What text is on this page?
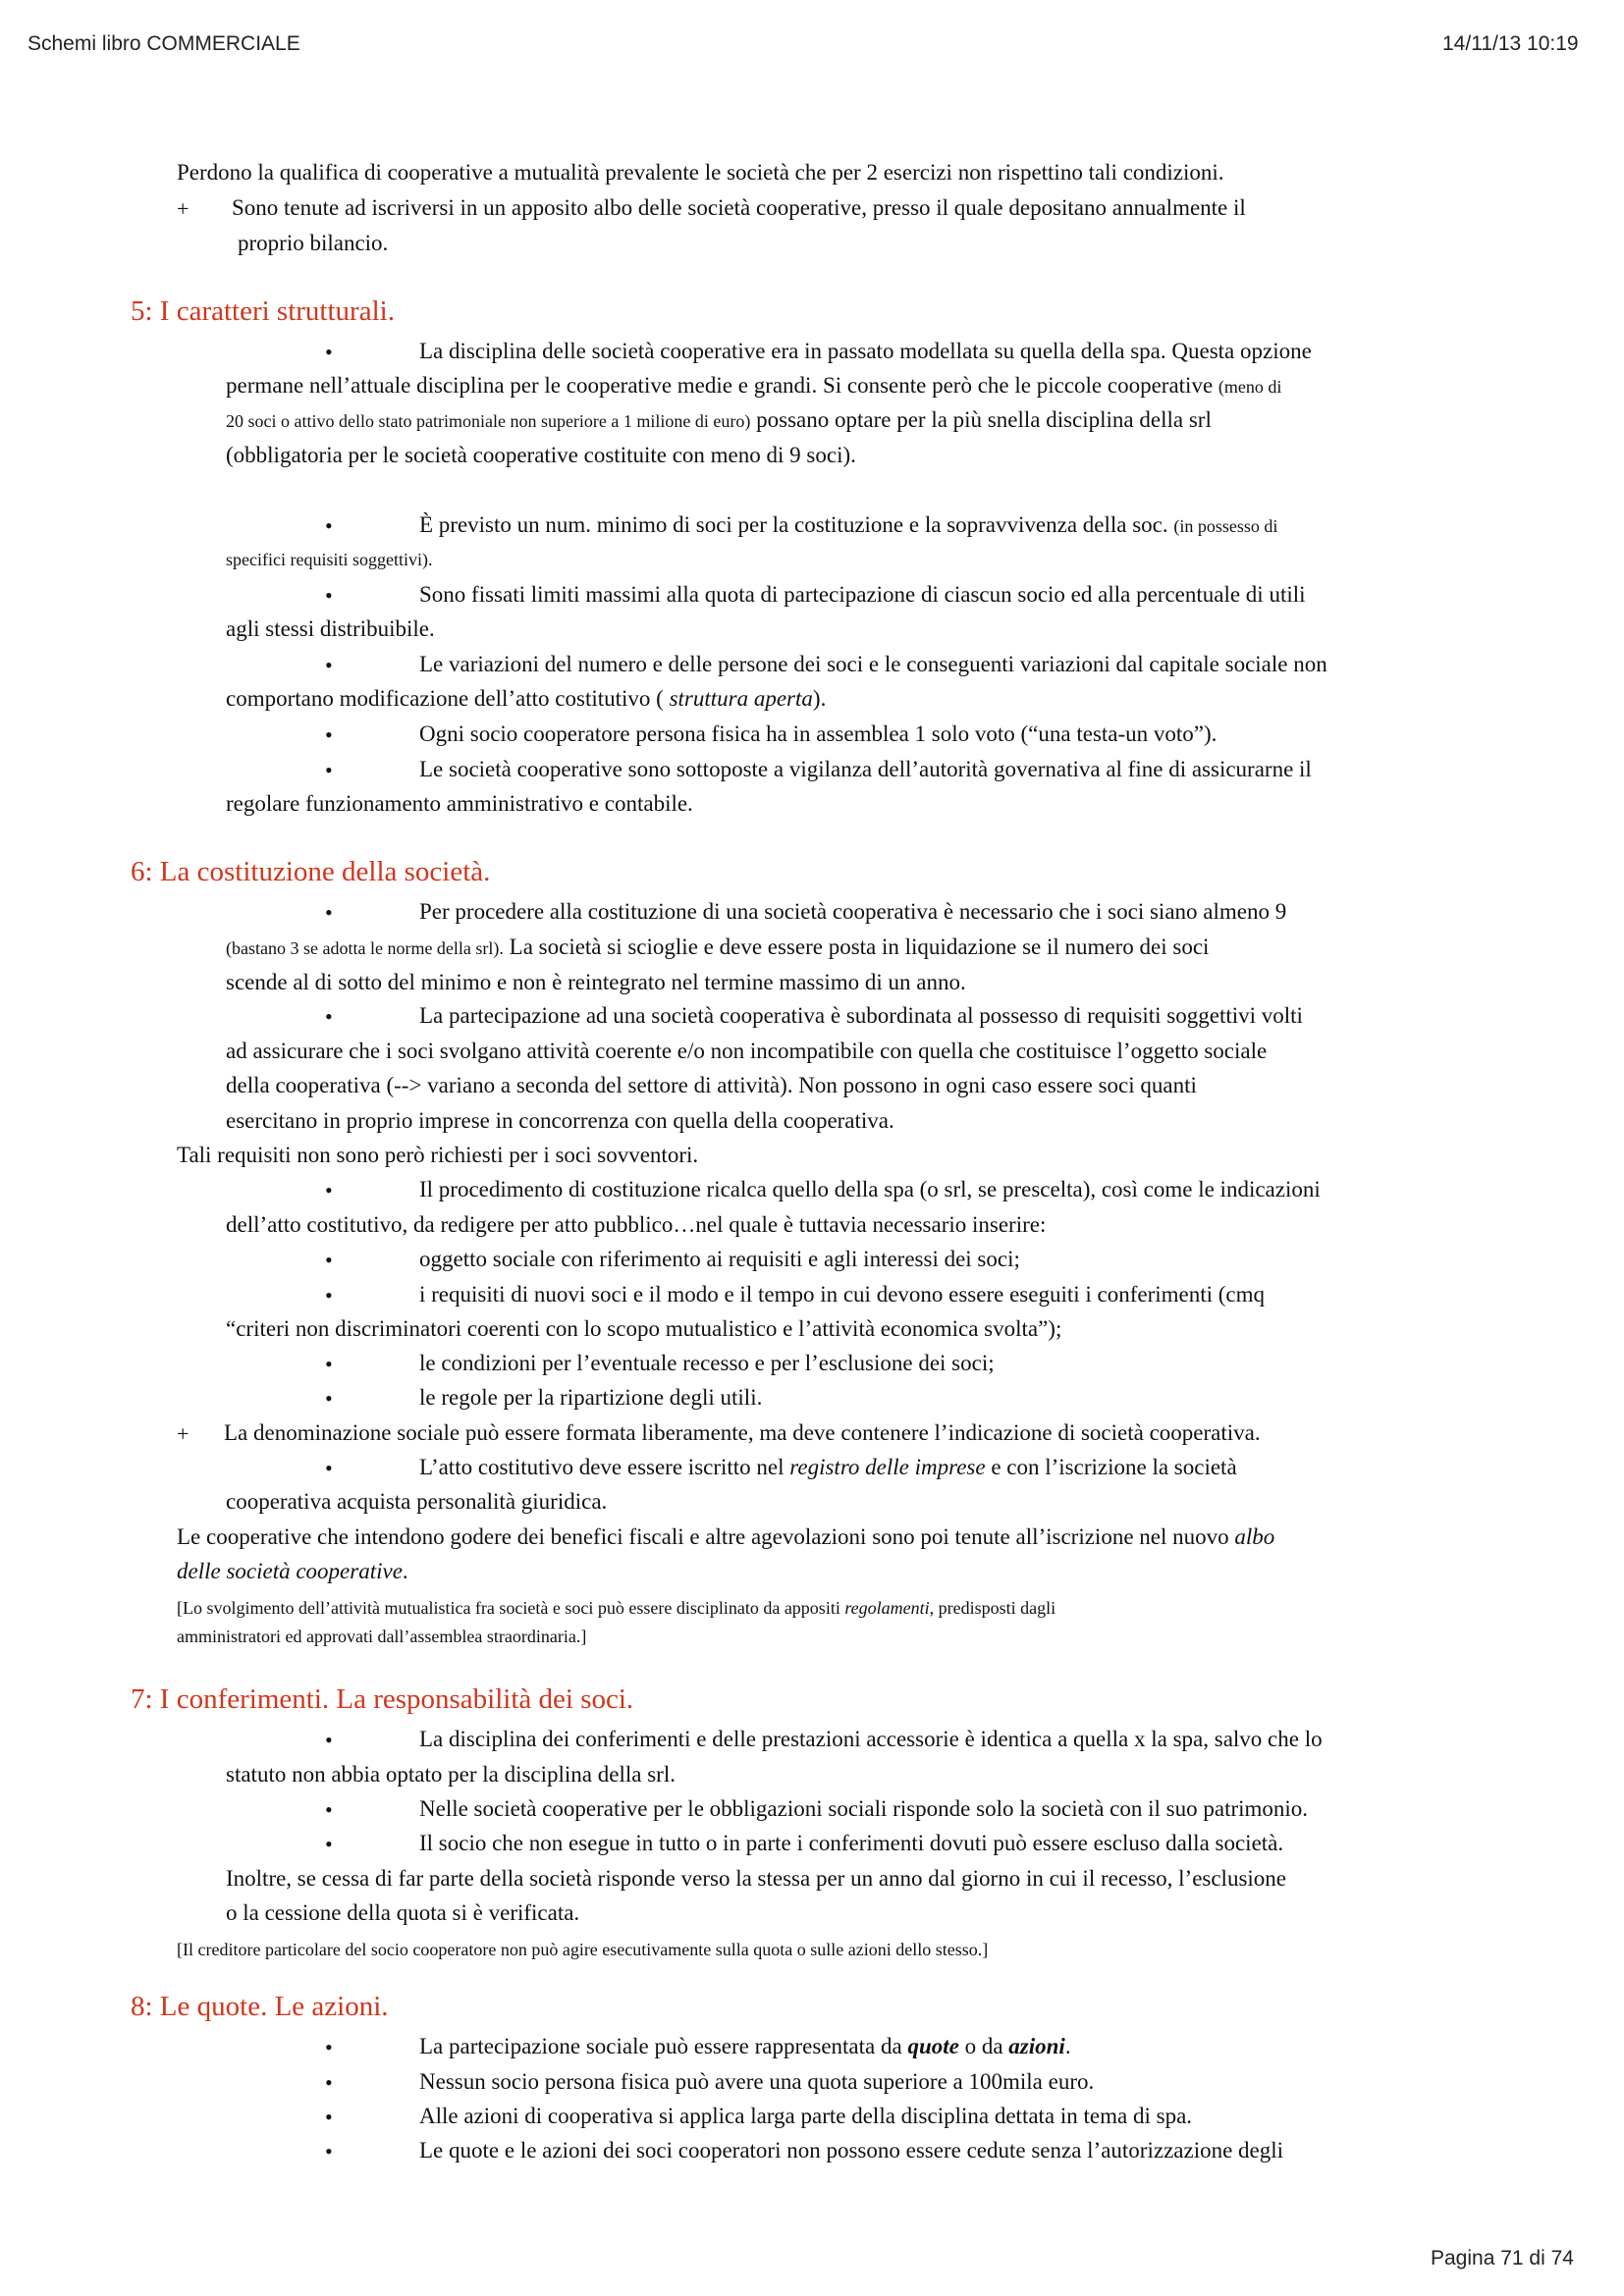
Schemi libro COMMERCIALE	14/11/13 10:19
Perdono la qualifica di cooperative a mutualità prevalente le società che per 2 esercizi non rispettino tali condizioni.
+ Sono tenute ad iscriversi in un apposito albo delle società cooperative, presso il quale depositano annualmente il
proprio bilancio.
5: I caratteri strutturali.
•	La disciplina delle società cooperative era in passato modellata su quella della spa. Questa opzione
permane nell’attuale disciplina per le cooperative medie e grandi. Si consente però che le piccole cooperative (meno di
20 soci o attivo dello stato patrimoniale non superiore a 1 milione di euro) possano optare per la più snella disciplina della srl
(obbligatoria per le società cooperative costituite con meno di 9 soci).
•	È previsto un num. minimo di soci per la costituzione e la sopravvivenza della soc. (in possesso di
specifici requisiti soggettivi).
•	Sono fissati limiti massimi alla quota di partecipazione di ciascun socio ed alla percentuale di utili
agli stessi distribuibile.
•	Le variazioni del numero e delle persone dei soci e le conseguenti variazioni dal capitale sociale non
comportano modificazione dell’atto costitutivo ( struttura aperta).
•	Ogni socio cooperatore persona fisica ha in assemblea 1 solo voto (“una testa-un voto”).
•	Le società cooperative sono sottoposte a vigilanza dell’autorità governativa al fine di assicurarne il
regolare funzionamento amministrativo e contabile.
6: La costituzione della società.
•	Per procedere alla costituzione di una società cooperativa è necessario che i soci siano almeno 9
(bastano 3 se adotta le norme della srl). La società si scioglie e deve essere posta in liquidazione se il numero dei soci
scende al di sotto del minimo e non è reintegrato nel termine massimo di un anno.
•	La partecipazione ad una società cooperativa è subordinata al possesso di requisiti soggettivi volti
ad assicurare che i soci svolgano attività coerente e/o non incompatibile con quella che costituisce l’oggetto sociale
della cooperativa (--> variano a seconda del settore di attività). Non possono in ogni caso essere soci quanti
esercitano in proprio imprese in concorrenza con quella della cooperativa.
Tali requisiti non sono però richiesti per i soci sovventori.
•	Il procedimento di costituzione ricalca quello della spa (o srl, se prescelta), così come le indicazioni
dell’atto costitutivo, da redigere per atto pubblico…nel quale è tuttavia necessario inserire:
•	oggetto sociale con riferimento ai requisiti e agli interessi dei soci;
•	i requisiti di nuovi soci e il modo e il tempo in cui devono essere eseguiti i conferimenti (cmq
“criteri non discriminatori coerenti con lo scopo mutualistico e l’attività economica svolta”);
•	le condizioni per l’eventuale recesso e per l’esclusione dei soci;
•	le regole per la ripartizione degli utili.
+ La denominazione sociale può essere formata liberamente, ma deve contenere l’indicazione di società cooperativa.
•	L’atto costitutivo deve essere iscritto nel registro delle imprese e con l’iscrizione la società
cooperativa acquista personalità giuridica.
Le cooperative che intendono godere dei benefici fiscali e altre agevolazioni sono poi tenute all’iscrizione nel nuovo albo
delle società cooperative.
[Lo svolgimento dell’attività mutualistica fra società e soci può essere disciplinato da appositi regolamenti, predisposti dagli
amministratori ed approvati dall’assemblea straordinaria.]
7: I conferimenti. La responsabilità dei soci.
•	La disciplina dei conferimenti e delle prestazioni accessorie è identica a quella x la spa, salvo che lo
statuto non abbia optato per la disciplina della srl.
•	Nelle società cooperative per le obbligazioni sociali risponde solo la società con il suo patrimonio.
•	Il socio che non esegue in tutto o in parte i conferimenti dovuti può essere escluso dalla società.
Inoltre, se cessa di far parte della società risponde verso la stessa per un anno dal giorno in cui il recesso, l’esclusione
o la cessione della quota si è verificata.
[Il creditore particolare del socio cooperatore non può agire esecutivamente sulla quota o sulle azioni dello stesso.]
8: Le quote. Le azioni.
•	La partecipazione sociale può essere rappresentata da quote o da azioni.
•	Nessun socio persona fisica può avere una quota superiore a 100mila euro.
•	Alle azioni di cooperativa si applica larga parte della disciplina dettata in tema di spa.
•	Le quote e le azioni dei soci cooperatori non possono essere cedute senza l’autorizzazione degli
Pagina 71 di 74
